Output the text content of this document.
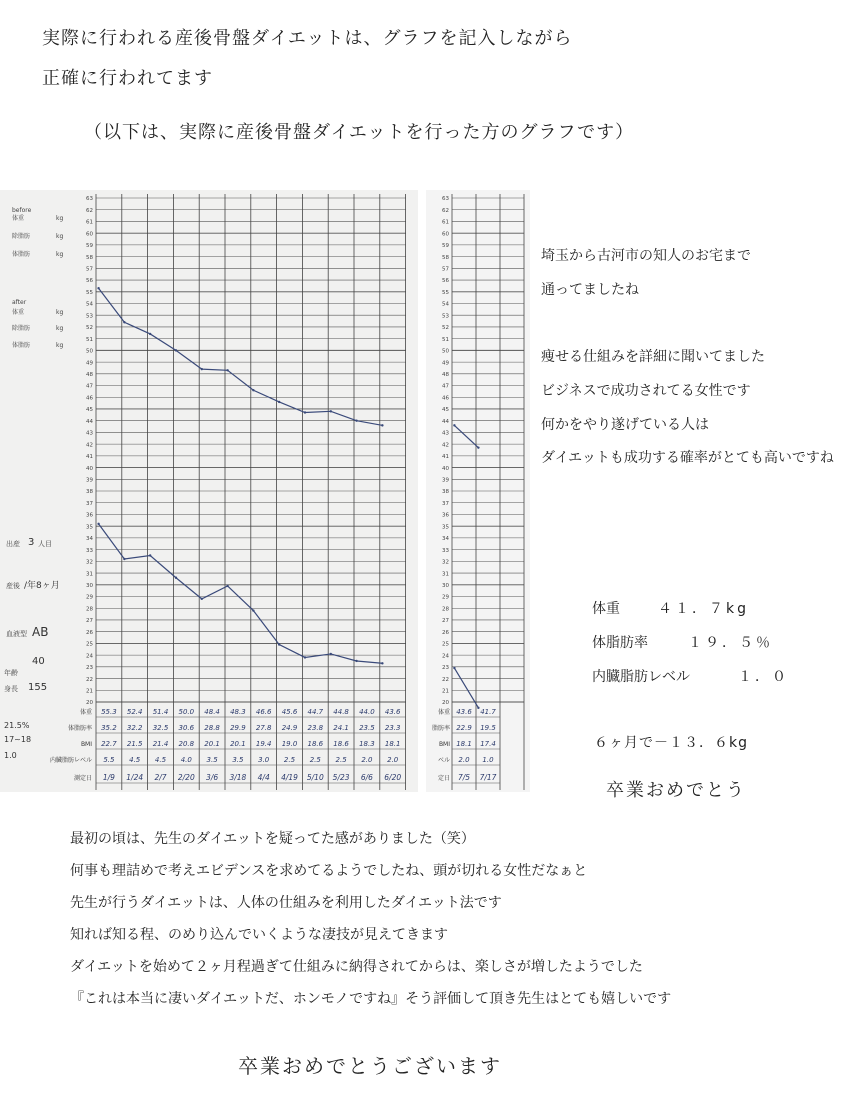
実際に行われる産後骨盤ダイエットは、グラフを記入しながら
正確に行われてます
（以下は、実際に産後骨盤ダイエットを行った方のグラフです）
before
体重	kg
除脂肪	kg
体脂肪	kg
after
体重	kg
除脂肪	kg
体脂肪	kg
出産 3 人目
産後 /年8ヶ月
血液型 AB
年齢
40
身長 155
21.5%
17~18
1.0
20
21
22
23
24
25
26
27
28
29
30
31
32
33
34
35
36
37
38
39
40
41
42
43
44
45
46
47
48
49
50
51
52
53
54
55
56
57
58
59
60
61
62
63
20
21
22
23
24
25
26
27
28
29
30
31
32
33
34
35
36
37
38
39
40
41
42
43
44
45
46
47
48
49
50
51
52
53
54
55
56
57
58
59
60
61
62
63
体重 55.3 52.4 51.4 50.0 48.4 48.3 46.6 45.6 44.7 44.8 44.0 43.6
体脂肪率 35.2 32.2 32.5 30.6 28.8 29.9 27.8 24.9 23.8 24.1 23.5 23.3
BMI 22.7 21.5 21.4 20.8 20.1 20.1 19.4 19.0 18.6 18.6 18.3 18.1
内臓脂肪レベル 5.5 4.5 4.5 4.0 3.5 3.5 3.0 2.5 2.5 2.5 2.0 2.0
測定日 1/9 1/24 2/7 2/20 3/6 3/18 4/4 4/19 5/10 5/23 6/6 6/20
体重 43.6 41.7
脂肪率 22.9 19.5
BMI 18.1 17.4
ベル 2.0 1.0
定日 7/5 7/17
埼玉から古河市の知人のお宅まで
通ってましたね
痩せる仕組みを詳細に聞いてました
ビジネスで成功されてる女性です
何かをやり遂げている人は
ダイエットも成功する確率がとても高いですね
体重	４１．７kg
体脂肪率	１９．５％
内臓脂肪レベル	１．０
６ヶ月で－１３．６kg
卒業おめでとう
最初の頃は、先生のダイエットを疑ってた感がありました（笑）
何事も理詰めで考えエビデンスを求めてるようでしたね、頭が切れる女性だなぁと
先生が行うダイエットは、人体の仕組みを利用したダイエット法です
知れば知る程、のめり込んでいくような凄技が見えてきます
ダイエットを始めて２ヶ月程過ぎて仕組みに納得されてからは、楽しさが増したようでした
『これは本当に凄いダイエットだ、ホンモノですね』そう評価して頂き先生はとても嬉しいです
卒業おめでとうございます
